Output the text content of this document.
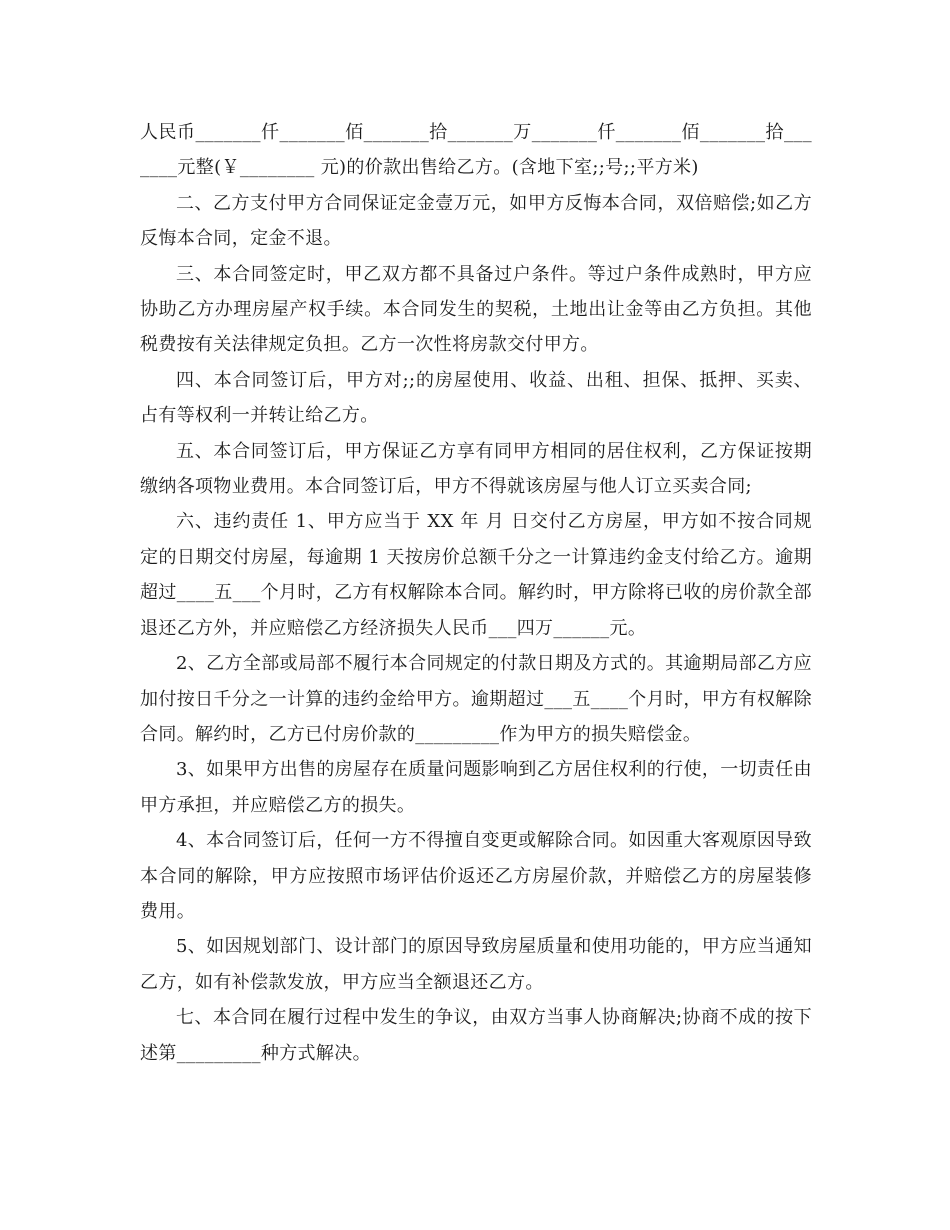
人民币_______仟_______佰_______拾_______万_______仟_______佰_______拾_______元整(￥________ 元)的价款出售给乙方。(含地下室;;号;;平方米)

二、乙方支付甲方合同保证定金壹万元，如甲方反悔本合同，双倍赔偿;如乙方反悔本合同，定金不退。

三、本合同签定时，甲乙双方都不具备过户条件。等过户条件成熟时，甲方应协助乙方办理房屋产权手续。本合同发生的契税，土地出让金等由乙方负担。其他税费按有关法律规定负担。乙方一次性将房款交付甲方。

四、本合同签订后，甲方对;;的房屋使用、收益、出租、担保、抵押、买卖、占有等权利一并转让给乙方。

五、本合同签订后，甲方保证乙方享有同甲方相同的居住权利，乙方保证按期缴纳各项物业费用。本合同签订后，甲方不得就该房屋与他人订立买卖合同;

六、违约责任 1、甲方应当于 XX 年 月 日交付乙方房屋，甲方如不按合同规定的日期交付房屋，每逾期 1 天按房价总额千分之一计算违约金支付给乙方。逾期超过____五___个月时，乙方有权解除本合同。解约时，甲方除将已收的房价款全部退还乙方外，并应赔偿乙方经济损失人民币___四万______元。

2、乙方全部或局部不履行本合同规定的付款日期及方式的。其逾期局部乙方应加付按日千分之一计算的违约金给甲方。逾期超过___五____个月时，甲方有权解除合同。解约时，乙方已付房价款的_________作为甲方的损失赔偿金。

3、如果甲方出售的房屋存在质量问题影响到乙方居住权利的行使，一切责任由甲方承担，并应赔偿乙方的损失。

4、本合同签订后，任何一方不得擅自变更或解除合同。如因重大客观原因导致本合同的解除，甲方应按照市场评估价返还乙方房屋价款，并赔偿乙方的房屋装修费用。

5、如因规划部门、设计部门的原因导致房屋质量和使用功能的，甲方应当通知乙方，如有补偿款发放，甲方应当全额退还乙方。

七、本合同在履行过程中发生的争议，由双方当事人协商解决;协商不成的按下述第_________种方式解决。
